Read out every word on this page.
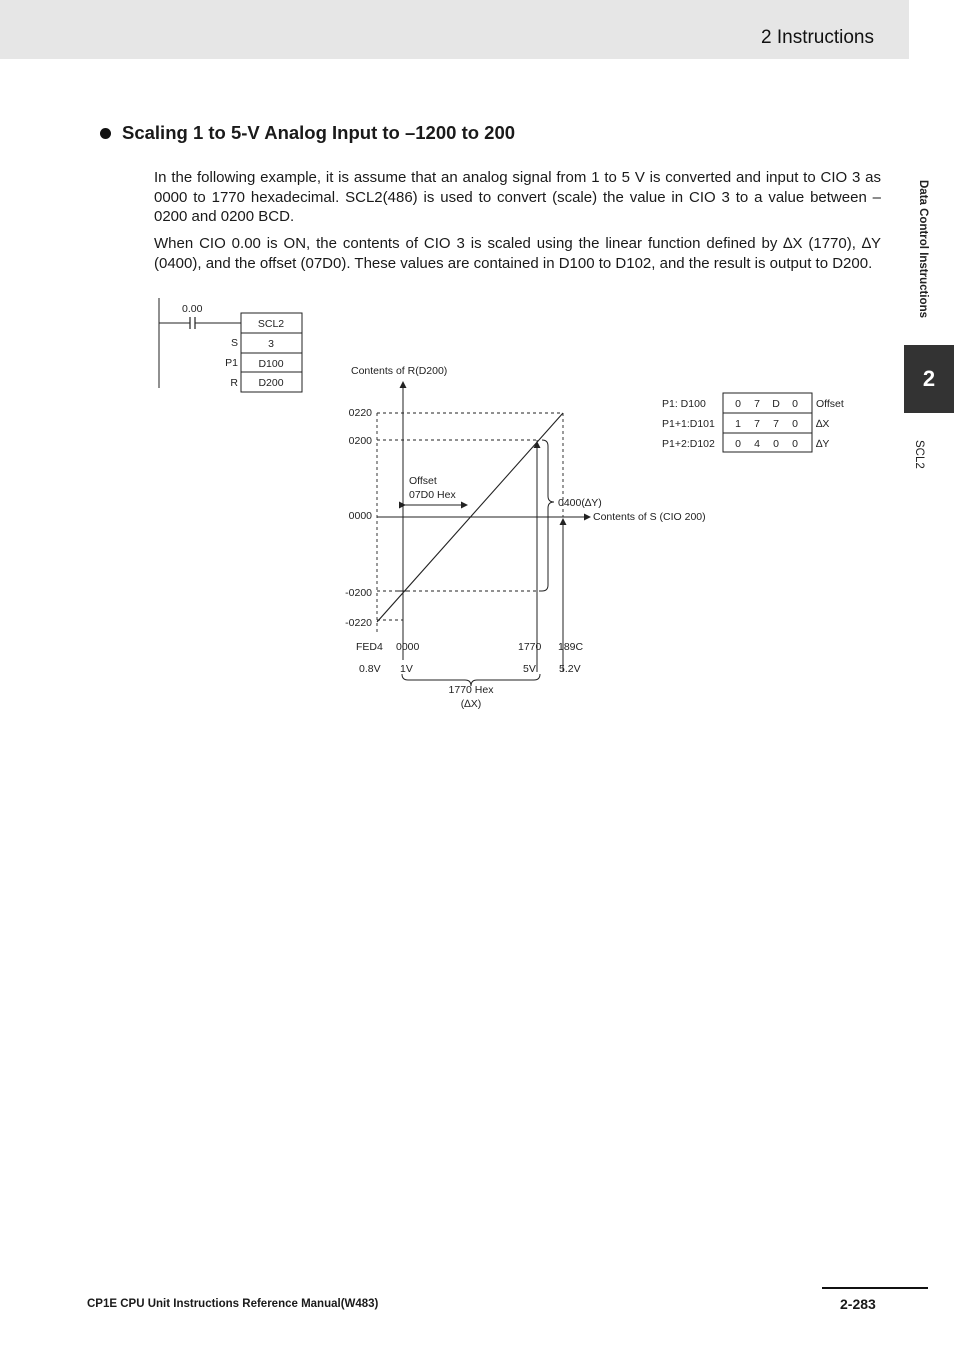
2 Instructions
Data Control Instructions
2
SCL2
Scaling 1 to 5-V Analog Input to –1200 to 200

In the following example, it is assume that an analog signal from 1 to 5 V is converted and input to CIO 3 as 0000 to 1770 hexadecimal. SCL2(486) is used to convert (scale) the value in CIO 3 to a value between –0200 and 0200 BCD.

When CIO 0.00 is ON, the contents of CIO 3 is scaled using the linear function defined by ∆X (1770), ∆Y (0400), and the offset (07D0). These values are contained in D100 to D102, and the result is output to D200.

0.00
SCL2
S	3
P1 D100
R D200
Contents of R(D200)
Contents of S (CIO 200)
0220
0200
0000
-0200
-0220
Offset
07D0 Hex
0400(∆Y)
FED4 0000	1770 189C
0.8V 1V	5V 5.2V
1770 Hex
(∆X)
P1: D100	0 7 D 0 Offset
P1+1:D101 1 7 7 0 ∆X
P1+2:D102 0 4 0 0 ∆Y
CP1E CPU Unit Instructions Reference Manual(W483)	2-283
